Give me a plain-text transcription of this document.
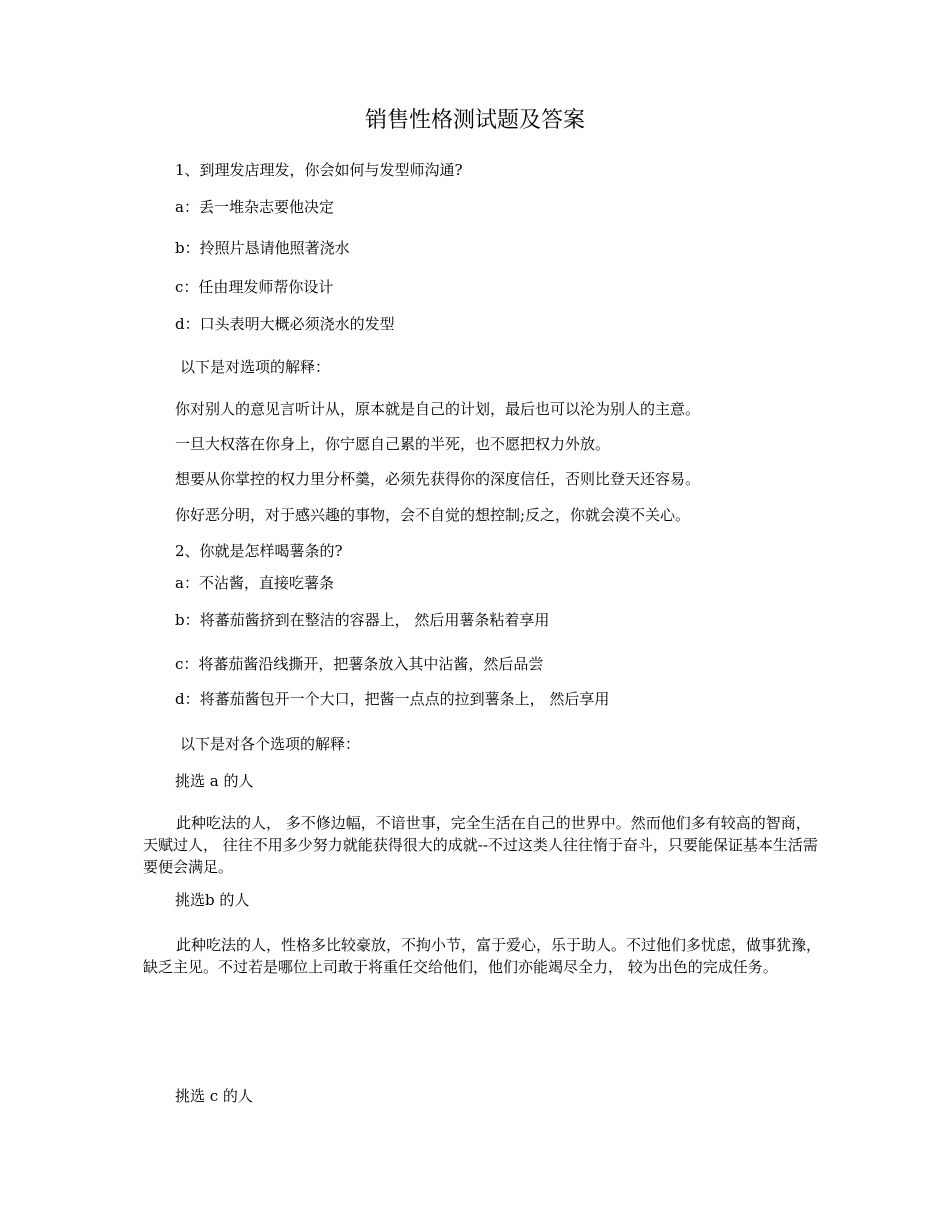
销售性格测试题及答案
1、到理发店理发，你会如何与发型师沟通?
a：丢一堆杂志要他决定
b：拎照片恳请他照著浇水
c：任由理发师帮你设计
d：口头表明大概必须浇水的发型
以下是对选项的解释：
你对别人的意见言听计从，原本就是自己的计划，最后也可以沦为别人的主意。
一旦大权落在你身上，你宁愿自己累的半死，也不愿把权力外放。
想要从你掌控的权力里分杯羹，必须先获得你的深度信任，否则比登天还容易。
你好恶分明，对于感兴趣的事物，会不自觉的想控制;反之，你就会漠不关心。
2、你就是怎样喝薯条的?
a：不沾酱，直接吃薯条
b：将蕃茄酱挤到在整洁的容器上， 然后用薯条粘着享用
c：将蕃茄酱沿线撕开，把薯条放入其中沾酱，然后品尝
d：将蕃茄酱包开一个大口，把酱一点点的拉到薯条上， 然后享用
以下是对各个选项的解释：
挑选 a 的人
此种吃法的人， 多不修边幅，不谙世事，完全生活在自己的世界中。然而他们多有较高的智商，天赋过人， 往往不用多少努力就能获得很大的成就--不过这类人往往惰于奋斗，只要能保证基本生活需要便会满足。
挑选b 的人
此种吃法的人，性格多比较豪放，不拘小节，富于爱心，乐于助人。不过他们多忧虑，做事犹豫，缺乏主见。不过若是哪位上司敢于将重任交给他们，他们亦能竭尽全力， 较为出色的完成任务。
挑选 c 的人
